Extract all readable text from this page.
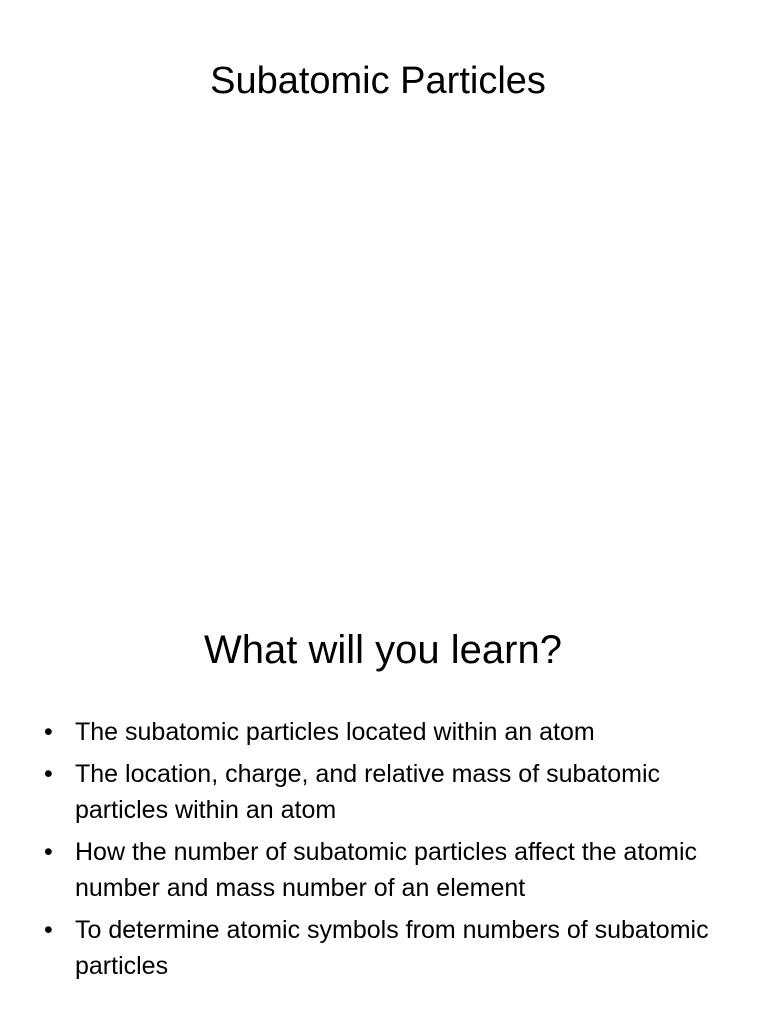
Subatomic Particles
What will you learn?
• The subatomic particles located within an atom
• The location, charge, and relative mass of subatomic particles within an atom
• How the number of subatomic particles affect the atomic number and mass number of an element
• To determine atomic symbols from numbers of subatomic particles
